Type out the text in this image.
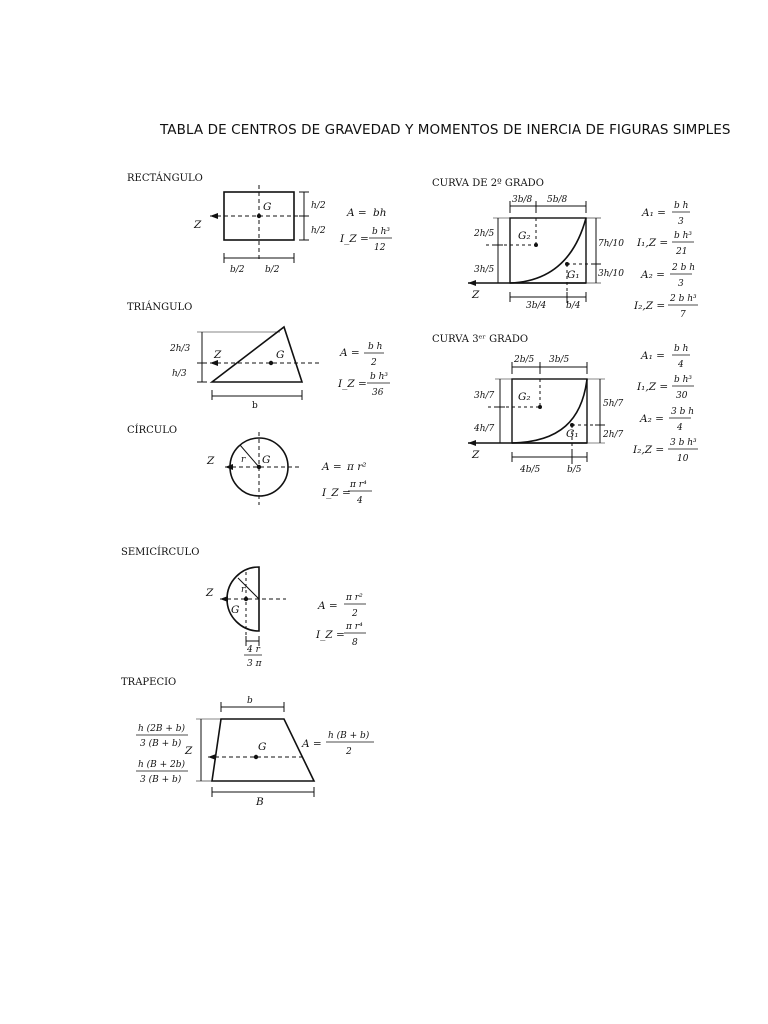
TABLA DE CENTROS DE GRAVEDAD Y MOMENTOS DE INERCIA DE FIGURAS SIMPLES
RECTÁNGULO
Z
G	h/2
h/2
b/2 b/2
A = bh
I_Z =
b h³
12
TRIÁNGULO
Z	G
2h/3
h/3
b
A = b h
2
I_Z =
b h³
36
CÍRCULO
Z	G
r
A = π r²
I_Z =
π r⁴
4
SEMICÍRCULO
Z
G
r
4 r
3 π
A =
π r²
2
I_Z =
π r⁴
8
TRAPECIO
Z	G
b
B
h (2B + b)
3 (B + b)
h (B + 2b)
3 (B + b)
A =
h (B + b)
2
CURVA DE 2º GRADO
Z
G₂
G₁
3b/8 5b/8
2h/5
3h/5
7h/10
3h/10
3b/4 b/4
A₁ =
b h
3
I₁,Z =
b h³
21
A₂ =
2 b h
3
I₂,Z =
2 b h³
7
CURVA 3ᵉʳ GRADO
Z
G₂
G₁
2b/5 3b/5
3h/7
4h/7
5h/7
2h/7
4b/5	b/5
A₁ =
b h
4
I₁,Z =
b h³
30
A₂ =
3 b h
4
I₂,Z =
3 b h³
10
